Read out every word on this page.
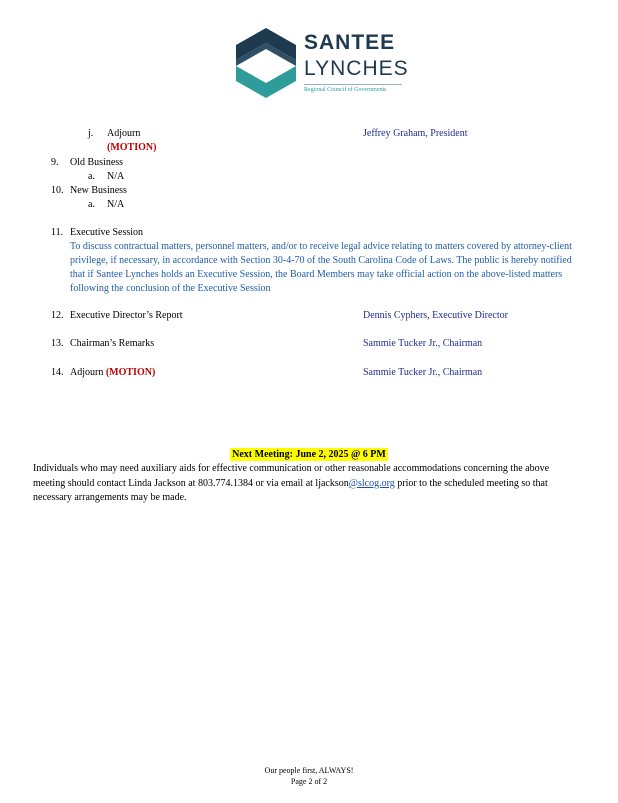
SANTEE
LYNCHES
Regional Council of Governments
j. Adjourn
(MOTION)
Jeffrey Graham, President
9. Old Business
a. N/A
10. New Business
a. N/A
11. Executive Session
To discuss contractual matters, personnel matters, and/or to receive legal advice relating to matters covered by attorney-client privilege, if necessary, in accordance with Section 30-4-70 of the South Carolina Code of Laws. The public is hereby notified that if Santee Lynches holds an Executive Session, the Board Members may take official action on the above-listed matters following the conclusion of the Executive Session
12. Executive Director’s Report	Dennis Cyphers, Executive Director
13. Chairman’s Remarks	Sammie Tucker Jr., Chairman
14. Adjourn (MOTION)	Sammie Tucker Jr., Chairman
Next Meeting: June 2, 2025 @ 6 PM
Individuals who may need auxiliary aids for effective communication or other reasonable accommodations concerning the above meeting should contact Linda Jackson at 803.774.1384 or via email at ljackson@slcog.org prior to the scheduled meeting so that necessary arrangements may be made.
Our people first, ALWAYS!
Page 2 of 2
